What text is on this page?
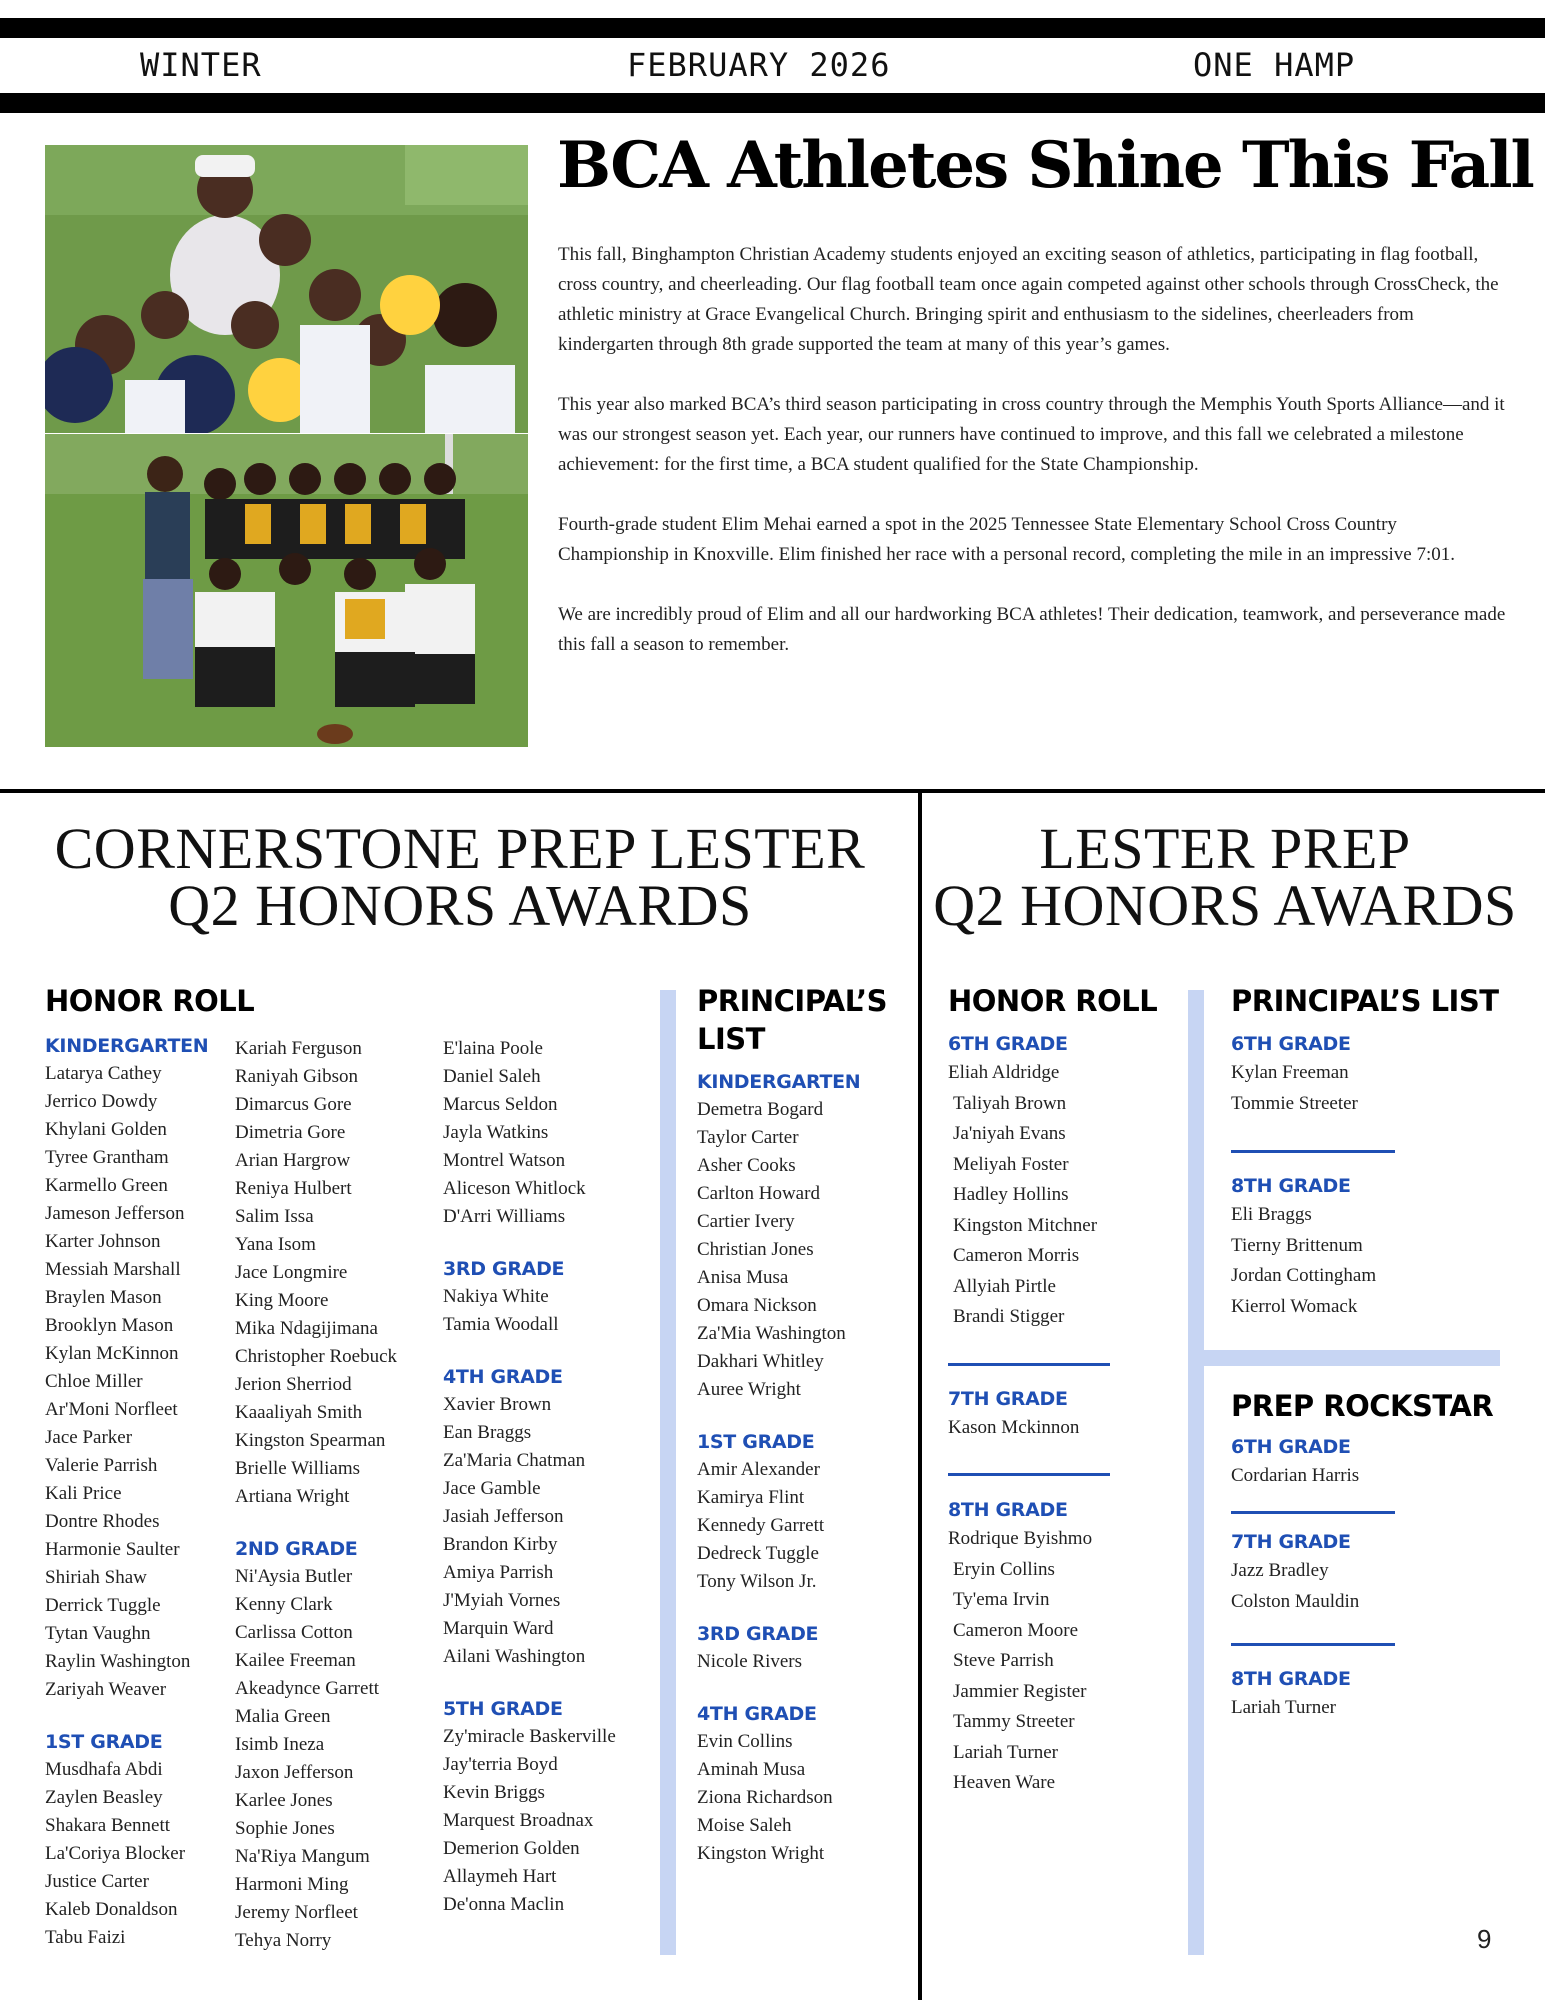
WINTER	FEBRUARY 2026	ONE HAMP
BCA Athletes Shine This Fall

This fall, Binghampton Christian Academy students enjoyed an exciting season of athletics, participating in flag football, cross country, and cheerleading. Our flag football team once again competed against other schools through CrossCheck, the athletic ministry at Grace Evangelical Church. Bringing spirit and enthusiasm to the sidelines, cheerleaders from kindergarten through 8th grade supported the team at many of this year’s games.

This year also marked BCA’s third season participating in cross country through the Memphis Youth Sports Alliance—and it was our strongest season yet. Each year, our runners have continued to improve, and this fall we celebrated a milestone achievement: for the first time, a BCA student qualified for the State Championship.

Fourth-grade student Elim Mehai earned a spot in the 2025 Tennessee State Elementary School Cross Country Championship in Knoxville. Elim finished her race with a personal record, completing the mile in an impressive 7:01.

We are incredibly proud of Elim and all our hardworking BCA athletes! Their dedication, teamwork, and perseverance made this fall a season to remember.

CORNERSTONE PREP LESTER
Q2 HONORS AWARDS
LESTER PREP
Q2 HONORS AWARDS
HONOR ROLL	PRINCIPAL’S
LIST
KINDERGARTEN
Latarya Cathey
Jerrico Dowdy
Khylani Golden
Tyree Grantham
Karmello Green
Jameson Jefferson
Karter Johnson
Messiah Marshall
Braylen Mason
Brooklyn Mason
Kylan McKinnon
Chloe Miller
Ar'Moni Norfleet
Jace Parker
Valerie Parrish
Kali Price
Dontre Rhodes
Harmonie Saulter
Shiriah Shaw
Derrick Tuggle
Tytan Vaughn
Raylin Washington
Zariyah Weaver
1ST GRADE
Musdhafa Abdi
Zaylen Beasley
Shakara Bennett
La'Coriya Blocker
Justice Carter
Kaleb Donaldson
Tabu Faizi
Kariah Ferguson
Raniyah Gibson
Dimarcus Gore
Dimetria Gore
Arian Hargrow
Reniya Hulbert
Salim Issa
Yana Isom
Jace Longmire
King Moore
Mika Ndagijimana
Christopher Roebuck
Jerion Sherriod
Kaaaliyah Smith
Kingston Spearman
Brielle Williams
Artiana Wright
2ND GRADE
Ni'Aysia Butler
Kenny Clark
Carlissa Cotton
Kailee Freeman
Akeadynce Garrett
Malia Green
Isimb Ineza
Jaxon Jefferson
Karlee Jones
Sophie Jones
Na'Riya Mangum
Harmoni Ming
Jeremy Norfleet
Tehya Norry
E'laina Poole
Daniel Saleh
Marcus Seldon
Jayla Watkins
Montrel Watson
Aliceson Whitlock
D'Arri Williams
3RD GRADE
Nakiya White
Tamia Woodall
4TH GRADE
Xavier Brown
Ean Braggs
Za'Maria Chatman
Jace Gamble
Jasiah Jefferson
Brandon Kirby
Amiya Parrish
J'Myiah Vornes
Marquin Ward
Ailani Washington
5TH GRADE
Zy'miracle Baskerville
Jay'terria Boyd
Kevin Briggs
Marquest Broadnax
Demerion Golden
Allaymeh Hart
De'onna Maclin
KINDERGARTEN
Demetra Bogard
Taylor Carter
Asher Cooks
Carlton Howard
Cartier Ivery
Christian Jones
Anisa Musa
Omara Nickson
Za'Mia Washington
Dakhari Whitley
Auree Wright
1ST GRADE
Amir Alexander
Kamirya Flint
Kennedy Garrett
Dedreck Tuggle
Tony Wilson Jr.
3RD GRADE
Nicole Rivers
4TH GRADE
Evin Collins
Aminah Musa
Ziona Richardson
Moise Saleh
Kingston Wright
HONOR ROLL	PRINCIPAL’S LIST
PREP ROCKSTAR
6TH GRADE
Eliah Aldridge
Taliyah Brown
Ja'niyah Evans
Meliyah Foster
Hadley Hollins
Kingston Mitchner
Cameron Morris
Allyiah Pirtle
Brandi Stigger
7TH GRADE
Kason Mckinnon
8TH GRADE
Rodrique Byishmo
Eryin Collins
Ty'ema Irvin
Cameron Moore
Steve Parrish
Jammier Register
Tammy Streeter
Lariah Turner
Heaven Ware
6TH GRADE
Kylan Freeman
Tommie Streeter
8TH GRADE
Eli Braggs
Tierny Brittenum
Jordan Cottingham
Kierrol Womack
6TH GRADE
Cordarian Harris
7TH GRADE
Jazz Bradley
Colston Mauldin
8TH GRADE
Lariah Turner
9
